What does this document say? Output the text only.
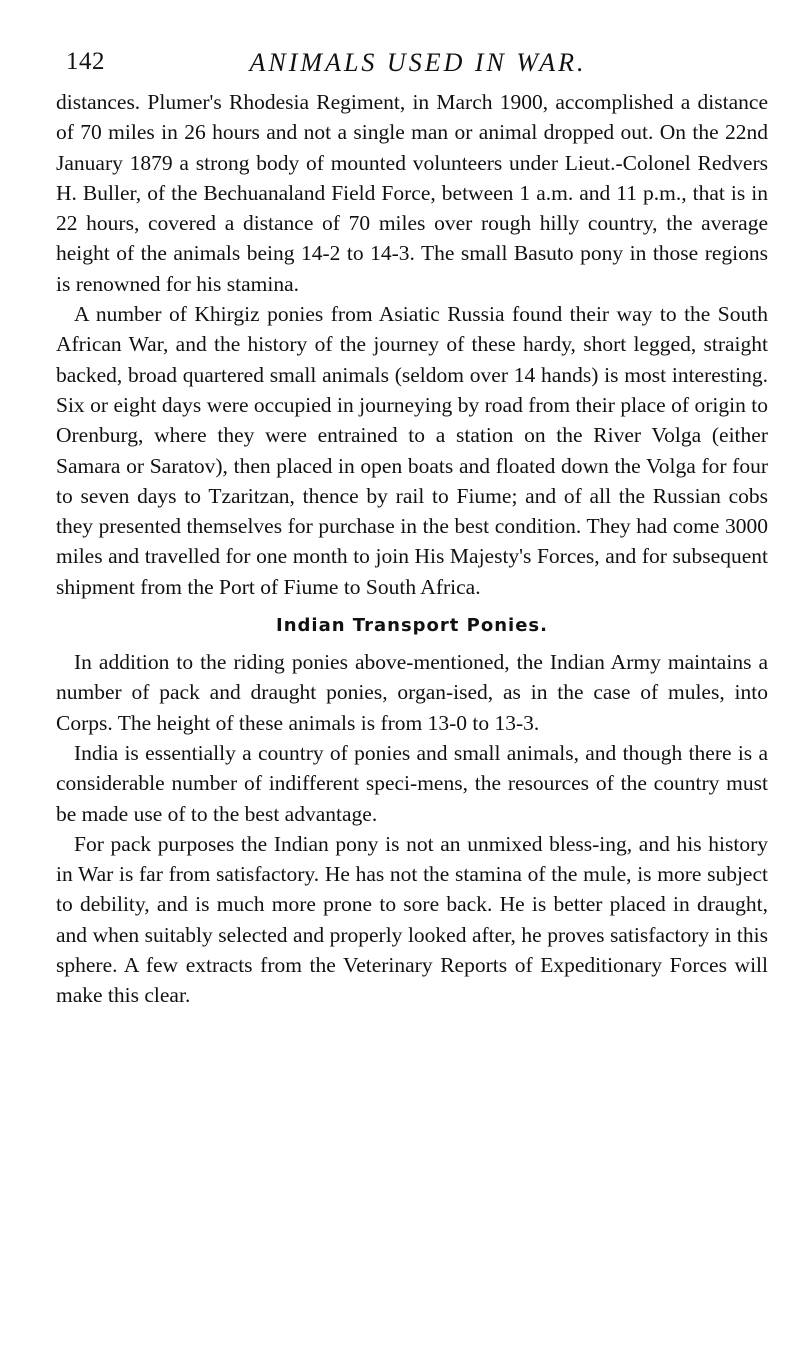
142	ANIMALS USED IN WAR.

distances. Plumer's Rhodesia Regiment, in March 1900, accomplished a distance of 70 miles in 26 hours and not a single man or animal dropped out. On the 22nd January 1879 a strong body of mounted volunteers under Lieut.-Colonel Redvers H. Buller, of the Bechuanaland Field Force, between 1 a.m. and 11 p.m., that is in 22 hours, covered a distance of 70 miles over rough hilly country, the average height of the animals being 14-2 to 14-3. The small Basuto pony in those regions is renowned for his stamina.

A number of Khirgiz ponies from Asiatic Russia found their way to the South African War, and the history of the journey of these hardy, short legged, straight backed, broad quartered small animals (seldom over 14 hands) is most interesting. Six or eight days were occupied in journeying by road from their place of origin to Orenburg, where they were entrained to a station on the River Volga (either Samara or Saratov), then placed in open boats and floated down the Volga for four to seven days to Tzaritzan, thence by rail to Fiume; and of all the Russian cobs they presented themselves for purchase in the best condition. They had come 3000 miles and travelled for one month to join His Majesty's Forces, and for subsequent shipment from the Port of Fiume to South Africa.

Indian Transport Ponies.

In addition to the riding ponies above-mentioned, the Indian Army maintains a number of pack and draught ponies, organ-ised, as in the case of mules, into Corps. The height of these animals is from 13-0 to 13-3.

India is essentially a country of ponies and small animals, and though there is a considerable number of indifferent speci-mens, the resources of the country must be made use of to the best advantage.

For pack purposes the Indian pony is not an unmixed bless-ing, and his history in War is far from satisfactory. He has not the stamina of the mule, is more subject to debility, and is much more prone to sore back. He is better placed in draught, and when suitably selected and properly looked after, he proves satisfactory in this sphere. A few extracts from the Veterinary Reports of Expeditionary Forces will make this clear.
